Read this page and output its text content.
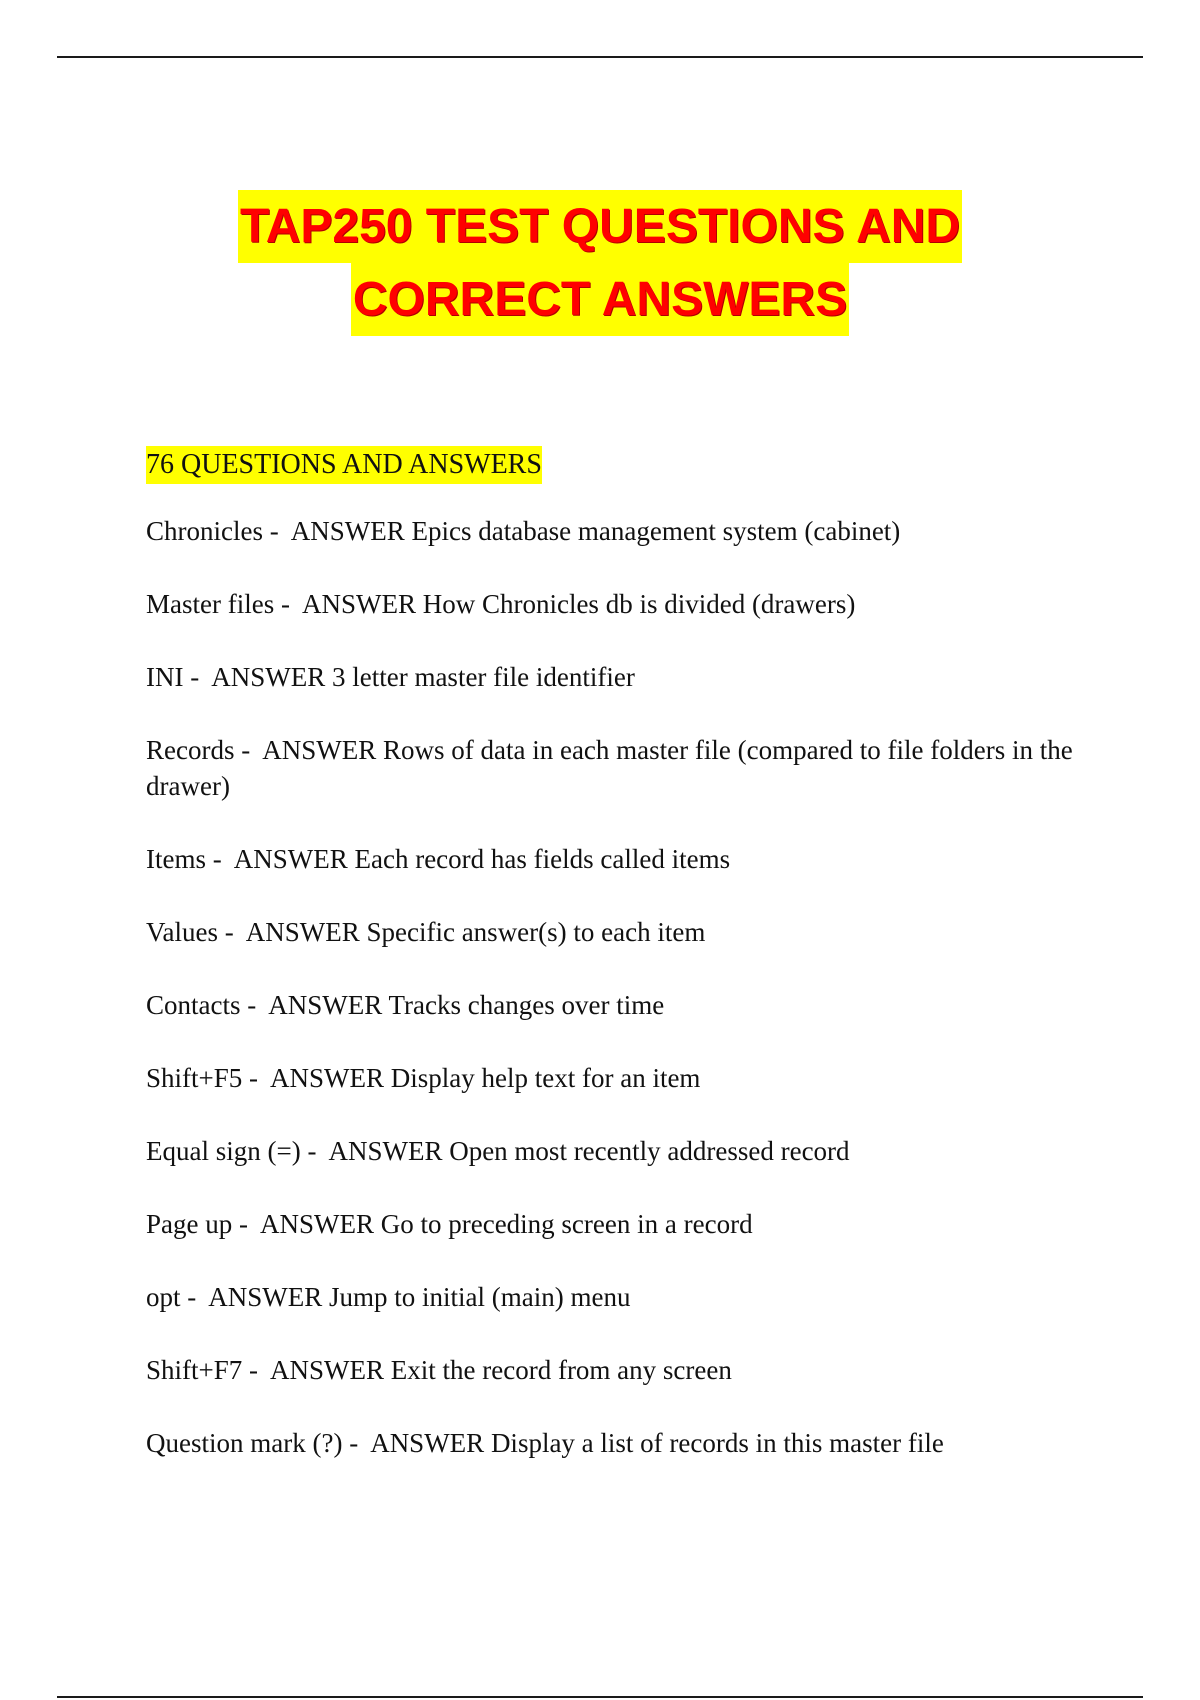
TAP250 TEST QUESTIONS AND
CORRECT ANSWERS
76 QUESTIONS AND ANSWERS
Chronicles -  ANSWER Epics database management system (cabinet)
Master files -  ANSWER How Chronicles db is divided (drawers)
INI -  ANSWER 3 letter master file identifier
Records -  ANSWER Rows of data in each master file (compared to file folders in the drawer)
Items -  ANSWER Each record has fields called items
Values -  ANSWER Specific answer(s) to each item
Contacts -  ANSWER Tracks changes over time
Shift+F5 -  ANSWER Display help text for an item
Equal sign (=) -  ANSWER Open most recently addressed record
Page up -  ANSWER Go to preceding screen in a record
opt -  ANSWER Jump to initial (main) menu
Shift+F7 -  ANSWER Exit the record from any screen
Question mark (?) -  ANSWER Display a list of records in this master file
